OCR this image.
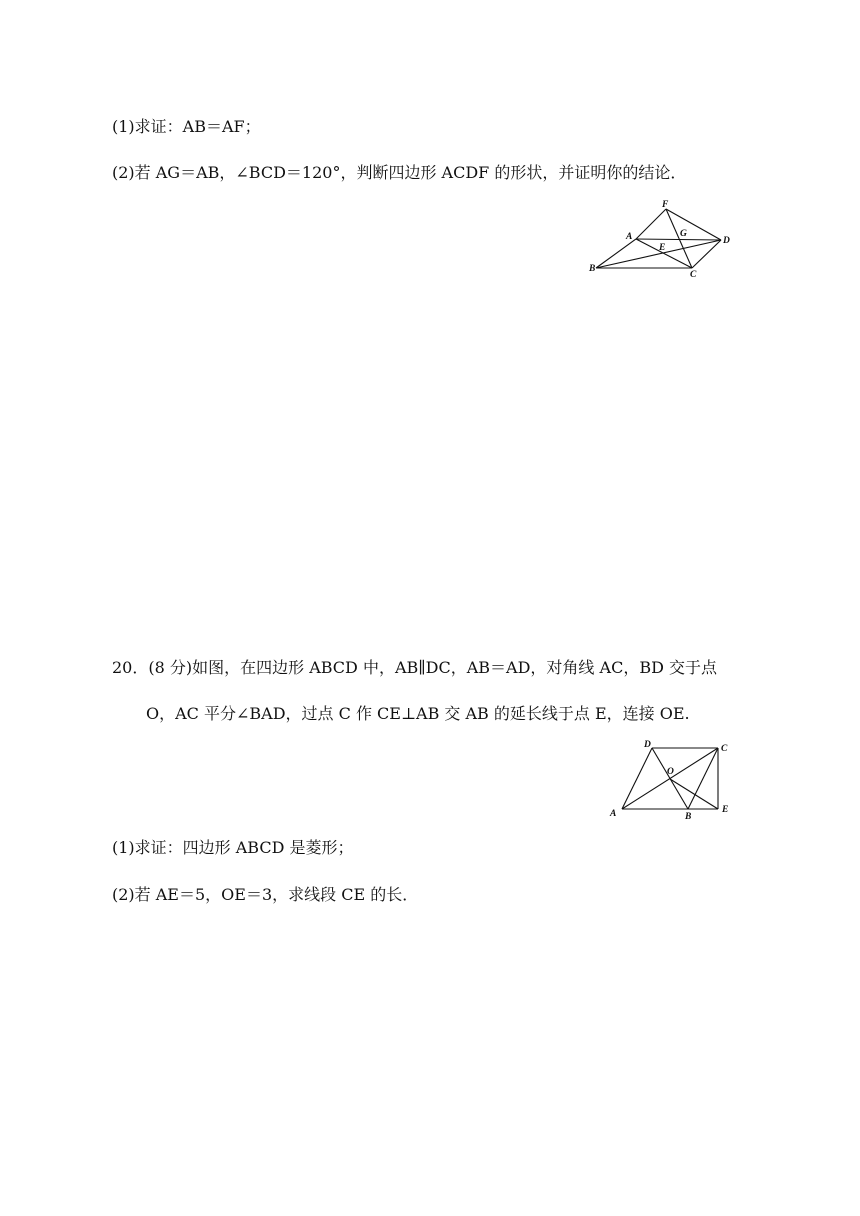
(1)求证：AB＝AF；
(2)若 AG＝AB，∠BCD＝120°，判断四边形 ACDF 的形状，并证明你的结论．
F
A	G
D
E
B
C
20．(8 分)如图，在四边形 ABCD 中，AB∥DC，AB＝AD，对角线 AC，BD 交于点
O，AC 平分∠BAD，过点 C 作 CE⊥AB 交 AB 的延长线于点 E，连接 OE.
D	C
O
A	B
E
(1)求证：四边形 ABCD 是菱形；
(2)若 AE＝5，OE＝3，求线段 CE 的长．
